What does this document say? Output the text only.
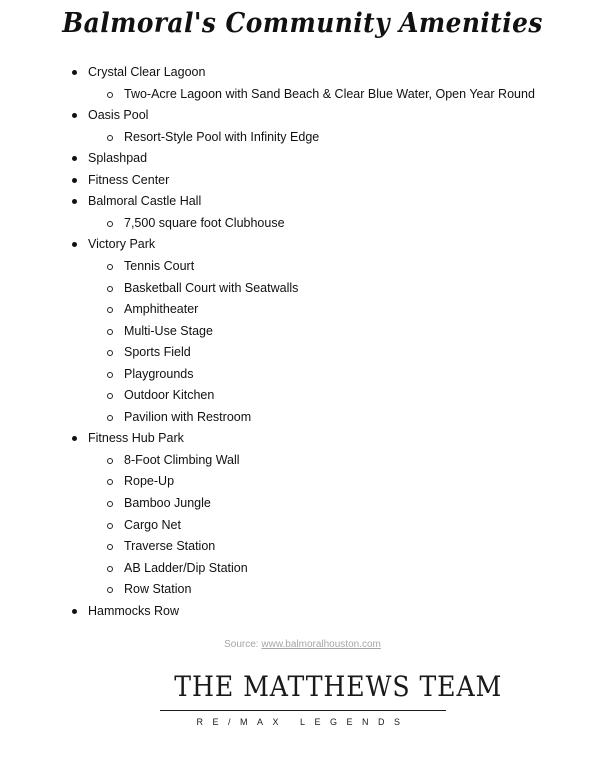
Balmoral's Community Amenities
Crystal Clear Lagoon
Two-Acre Lagoon with Sand Beach & Clear Blue Water, Open Year Round
Oasis Pool
Resort-Style Pool with Infinity Edge
Splashpad
Fitness Center
Balmoral Castle Hall
7,500 square foot Clubhouse
Victory Park
Tennis Court
Basketball Court with Seatwalls
Amphitheater
Multi-Use Stage
Sports Field
Playgrounds
Outdoor Kitchen
Pavilion with Restroom
Fitness Hub Park
8-Foot Climbing Wall
Rope-Up
Bamboo Jungle
Cargo Net
Traverse Station
AB Ladder/Dip Station
Row Station
Hammocks Row
Source: www.balmoralhouston.com
THE MATTHEWS TEAM
RE/MAX LEGENDS
